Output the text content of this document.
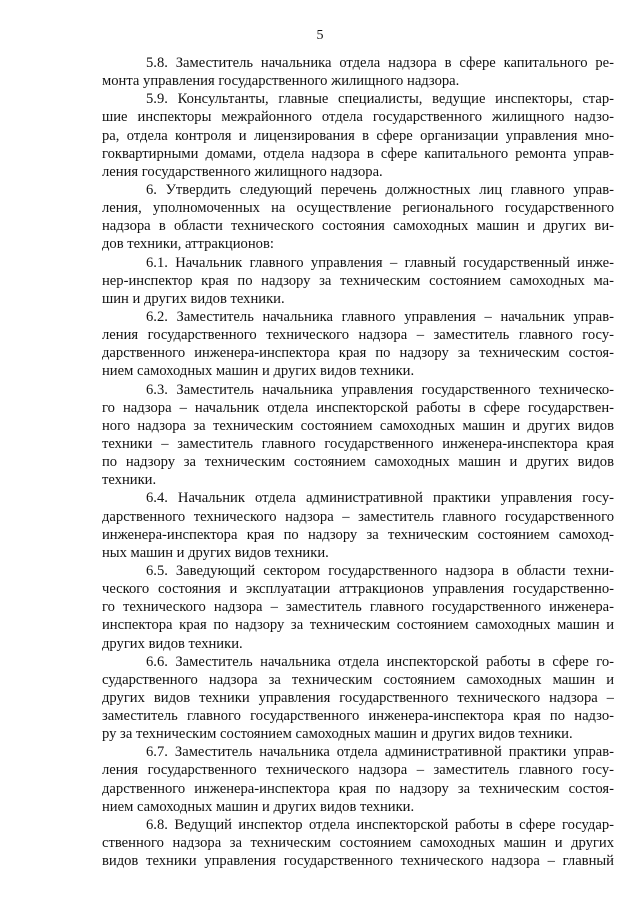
5
5.8. Заместитель начальника отдела надзора в сфере капитального ре-
монта управления государственного жилищного надзора.
5.9. Консультанты, главные специалисты, ведущие инспекторы, стар-
шие инспекторы межрайонного отдела государственного жилищного надзо-
ра, отдела контроля и лицензирования в сфере организации управления мно-
гоквартирными домами, отдела надзора в сфере капитального ремонта управ-
ления государственного жилищного надзора.
6. Утвердить следующий перечень должностных лиц главного управ-
ления, уполномоченных на осуществление регионального государственного
надзора в области технического состояния самоходных машин и других ви-
дов техники, аттракционов:
6.1. Начальник главного управления – главный государственный инже-
нер-инспектор края по надзору за техническим состоянием самоходных ма-
шин и других видов техники.
6.2. Заместитель начальника главного управления – начальник управ-
ления государственного технического надзора – заместитель главного госу-
дарственного инженера-инспектора края по надзору за техническим состоя-
нием самоходных машин и других видов техники.
6.3. Заместитель начальника управления государственного техническо-
го надзора – начальник отдела инспекторской работы в сфере государствен-
ного надзора за техническим состоянием самоходных машин и других видов
техники – заместитель главного государственного инженера-инспектора края
по надзору за техническим состоянием самоходных машин и других видов
техники.
6.4. Начальник отдела административной практики управления госу-
дарственного технического надзора – заместитель главного государственного
инженера-инспектора края по надзору за техническим состоянием самоход-
ных машин и других видов техники.
6.5. Заведующий сектором государственного надзора в области техни-
ческого состояния и эксплуатации аттракционов управления государственно-
го технического надзора – заместитель главного государственного инженера-
инспектора края по надзору за техническим состоянием самоходных машин и
других видов техники.
6.6. Заместитель начальника отдела инспекторской работы в сфере го-
сударственного надзора за техническим состоянием самоходных машин и
других видов техники управления государственного технического надзора –
заместитель главного государственного инженера-инспектора края по надзо-
ру за техническим состоянием самоходных машин и других видов техники.
6.7. Заместитель начальника отдела административной практики управ-
ления государственного технического надзора – заместитель главного госу-
дарственного инженера-инспектора края по надзору за техническим состоя-
нием самоходных машин и других видов техники.
6.8. Ведущий инспектор отдела инспекторской работы в сфере государ-
ственного надзора за техническим состоянием самоходных машин и других
видов техники управления государственного технического надзора – главный
